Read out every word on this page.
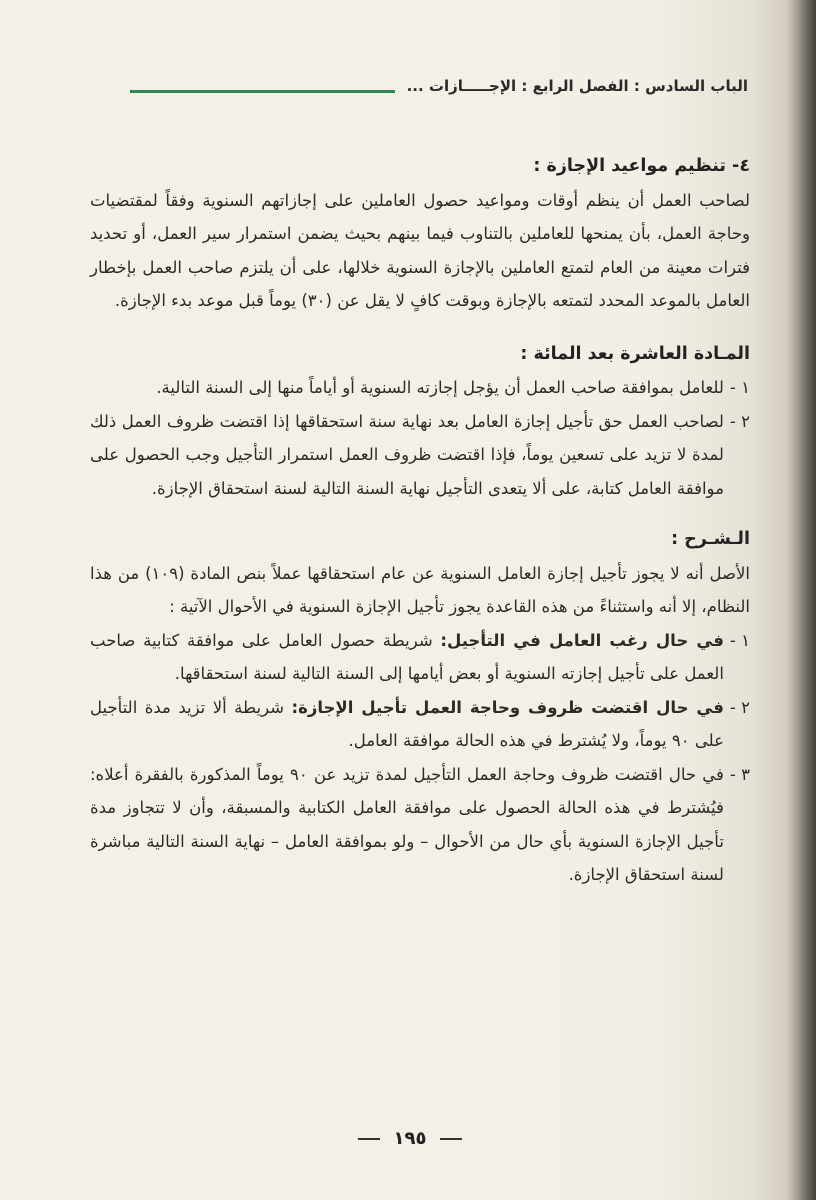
الباب السادس : الفصل الرابع : الإجـــــازات ...

٤- تنظيم مواعيد الإجازة :

لصاحب العمل أن ينظم أوقات ومواعيد حصول العاملين على إجازاتهم السنوية وفقاً لمقتضيات وحاجة العمل، بأن يمنحها للعاملين بالتناوب فيما بينهم بحيث يضمن استمرار سير العمل، أو تحديد فترات معينة من العام لتمتع العاملين بالإجازة السنوية خلالها، على أن يلتزم صاحب العمل بإخطار العامل بالموعد المحدد لتمتعه بالإجازة وبوقت كافٍ لا يقل عن (٣٠) يوماً قبل موعد بدء الإجازة.

المـادة العاشرة بعد المائة :

١ -
للعامل بموافقة صاحب العمل أن يؤجل إجازته السنوية أو أياماً منها إلى السنة التالية.
٢ -
لصاحب العمل حق تأجيل إجازة العامل بعد نهاية سنة استحقاقها إذا اقتضت ظروف العمل ذلك لمدة لا تزيد على تسعين يوماً، فإذا اقتضت ظروف العمل استمرار التأجيل وجب الحصول على موافقة العامل كتابة، على ألا يتعدى التأجيل نهاية السنة التالية لسنة استحقاق الإجازة.

الـشـرح :

الأصل أنه لا يجوز تأجيل إجازة العامل السنوية عن عام استحقاقها عملاً بنص المادة (١٠٩) من هذا النظام، إلا أنه واستثناءً من هذه القاعدة يجوز تأجيل الإجازة السنوية في الأحوال الآتية :

١ -
في حال رغب العامل في التأجيل: شريطة حصول العامل على موافقة كتابية صاحب العمل على تأجيل إجازته السنوية أو بعض أيامها إلى السنة التالية لسنة استحقاقها.
٢ -
في حال اقتضت ظروف وحاجة العمل تأجيل الإجازة: شريطة ألا تزيد مدة التأجيل على ٩٠ يوماً، ولا يُشترط في هذه الحالة موافقة العامل.
٣ -
في حال اقتضت ظروف وحاجة العمل التأجيل لمدة تزيد عن ٩٠ يوماً المذكورة بالفقرة أعلاه: فيُشترط في هذه الحالة الحصول على موافقة العامل الكتابية والمسبقة، وأن لا تتجاوز مدة تأجيل الإجازة السنوية بأي حال من الأحوال – ولو بموافقة العامل – نهاية السنة التالية مباشرة لسنة استحقاق الإجازة.
١٩٥
